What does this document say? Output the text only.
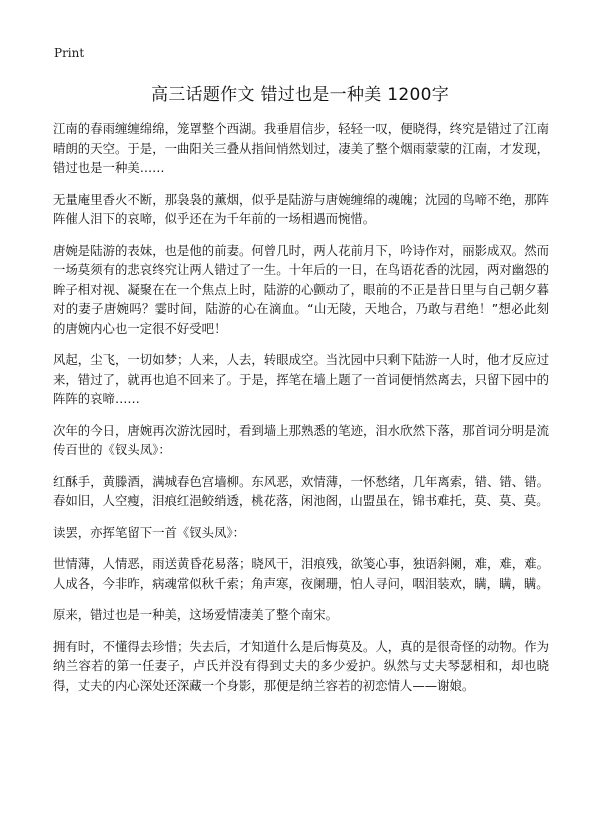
Print
高三话题作文 错过也是一种美 1200字

江南的春雨缠缠绵绵，笼罩整个西湖。我垂眉信步，轻轻一叹，便晓得，终究是错过了江南晴朗的天空。于是，一曲阳关三叠从指间悄然划过，凄美了整个烟雨蒙蒙的江南，才发现，错过也是一种美……

无量庵里香火不断，那袅袅的薰烟，似乎是陆游与唐婉缠绵的魂魄；沈园的鸟啼不绝，那阵阵催人泪下的哀啼，似乎还在为千年前的一场相遇而惋惜。

唐婉是陆游的表妹，也是他的前妻。何曾几时，两人花前月下，吟诗作对，丽影成双。然而一场莫须有的悲哀终究让两人错过了一生。十年后的一日，在鸟语花香的沈园，两对幽怨的眸子相对视、凝聚在在一个焦点上时，陆游的心颤动了，眼前的不正是昔日里与自己朝夕暮对的妻子唐婉吗？霎时间，陆游的心在滴血。“山无陵，天地合，乃敢与君绝！”想必此刻的唐婉内心也一定很不好受吧！

风起，尘飞，一切如梦；人来，人去，转眼成空。当沈园中只剩下陆游一人时，他才反应过来，错过了，就再也追不回来了。于是，挥笔在墙上题了一首词便悄然离去，只留下园中的阵阵的哀啼……

次年的今日，唐婉再次游沈园时，看到墙上那熟悉的笔迹，泪水欣然下落，那首词分明是流传百世的《钗头凤》：

红酥手，黄滕酒，满城春色宫墙柳。东风恶，欢情薄，一怀愁绪，几年离索，错、错、错。春如旧，人空瘦，泪痕红浥鲛绡透，桃花落，闲池阁，山盟虽在，锦书难托，莫、莫、莫。

读罢，亦挥笔留下一首《钗头凤》：

世情薄，人情恶，雨送黄昏花易落；晓风干，泪痕残，欲笺心事，独语斜阑，难，难，难。人成各，今非昨，病魂常似秋千索；角声寒，夜阑珊，怕人寻问，咽泪装欢，瞒，瞒，瞒。

原来，错过也是一种美，这场爱情凄美了整个南宋。

拥有时，不懂得去珍惜；失去后，才知道什么是后悔莫及。人，真的是很奇怪的动物。作为纳兰容若的第一任妻子，卢氏并没有得到丈夫的多少爱护。纵然与丈夫琴瑟相和，却也晓得，丈夫的内心深处还深藏一个身影，那便是纳兰容若的初恋情人——谢娘。
